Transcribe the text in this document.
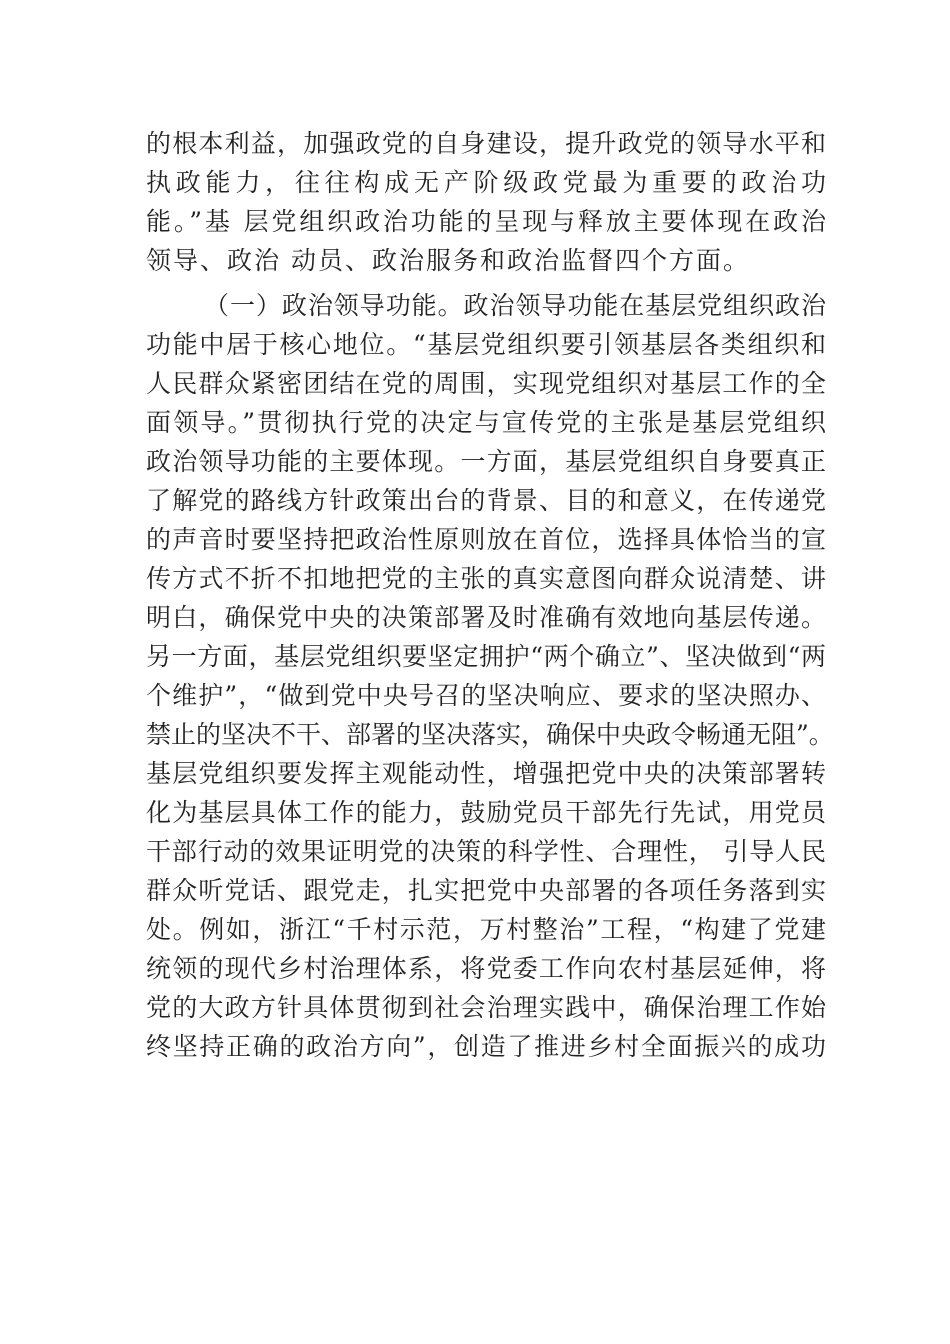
的根本利益，加强政党的自身建设，提升政党的领导水平和
执政能力，往往构成无产阶级政党最为重要的政治功
能。”基 层党组织政治功能的呈现与释放主要体现在政治
领导、政治 动员、政治服务和政治监督四个方面。
（一）政治领导功能。政治领导功能在基层党组织政治
功能中居于核心地位。“基层党组织要引领基层各类组织和
人民群众紧密团结在党的周围，实现党组织对基层工作的全
面领导。”贯彻执行党的决定与宣传党的主张是基层党组织
政治领导功能的主要体现。一方面，基层党组织自身要真正
了解党的路线方针政策出台的背景、目的和意义，在传递党
的声音时要坚持把政治性原则放在首位，选择具体恰当的宣
传方式不折不扣地把党的主张的真实意图向群众说清楚、讲
明白，确保党中央的决策部署及时准确有效地向基层传递。
另一方面，基层党组织要坚定拥护“两个确立”、坚决做到“两
个维护”，“做到党中央号召的坚决响应、要求的坚决照办、
禁止的坚决不干、部署的坚决落实，确保中央政令畅通无阻”。
基层党组织要发挥主观能动性，增强把党中央的决策部署转
化为基层具体工作的能力，鼓励党员干部先行先试，用党员
干部行动的效果证明党的决策的科学性、合理性， 引导人民
群众听党话、跟党走，扎实把党中央部署的各项任务落到实
处。例如，浙江“千村示范，万村整治”工程，“构建了党建
统领的现代乡村治理体系，将党委工作向农村基层延伸，将
党的大政方针具体贯彻到社会治理实践中，确保治理工作始
终坚持正确的政治方向”，创造了推进乡村全面振兴的成功
